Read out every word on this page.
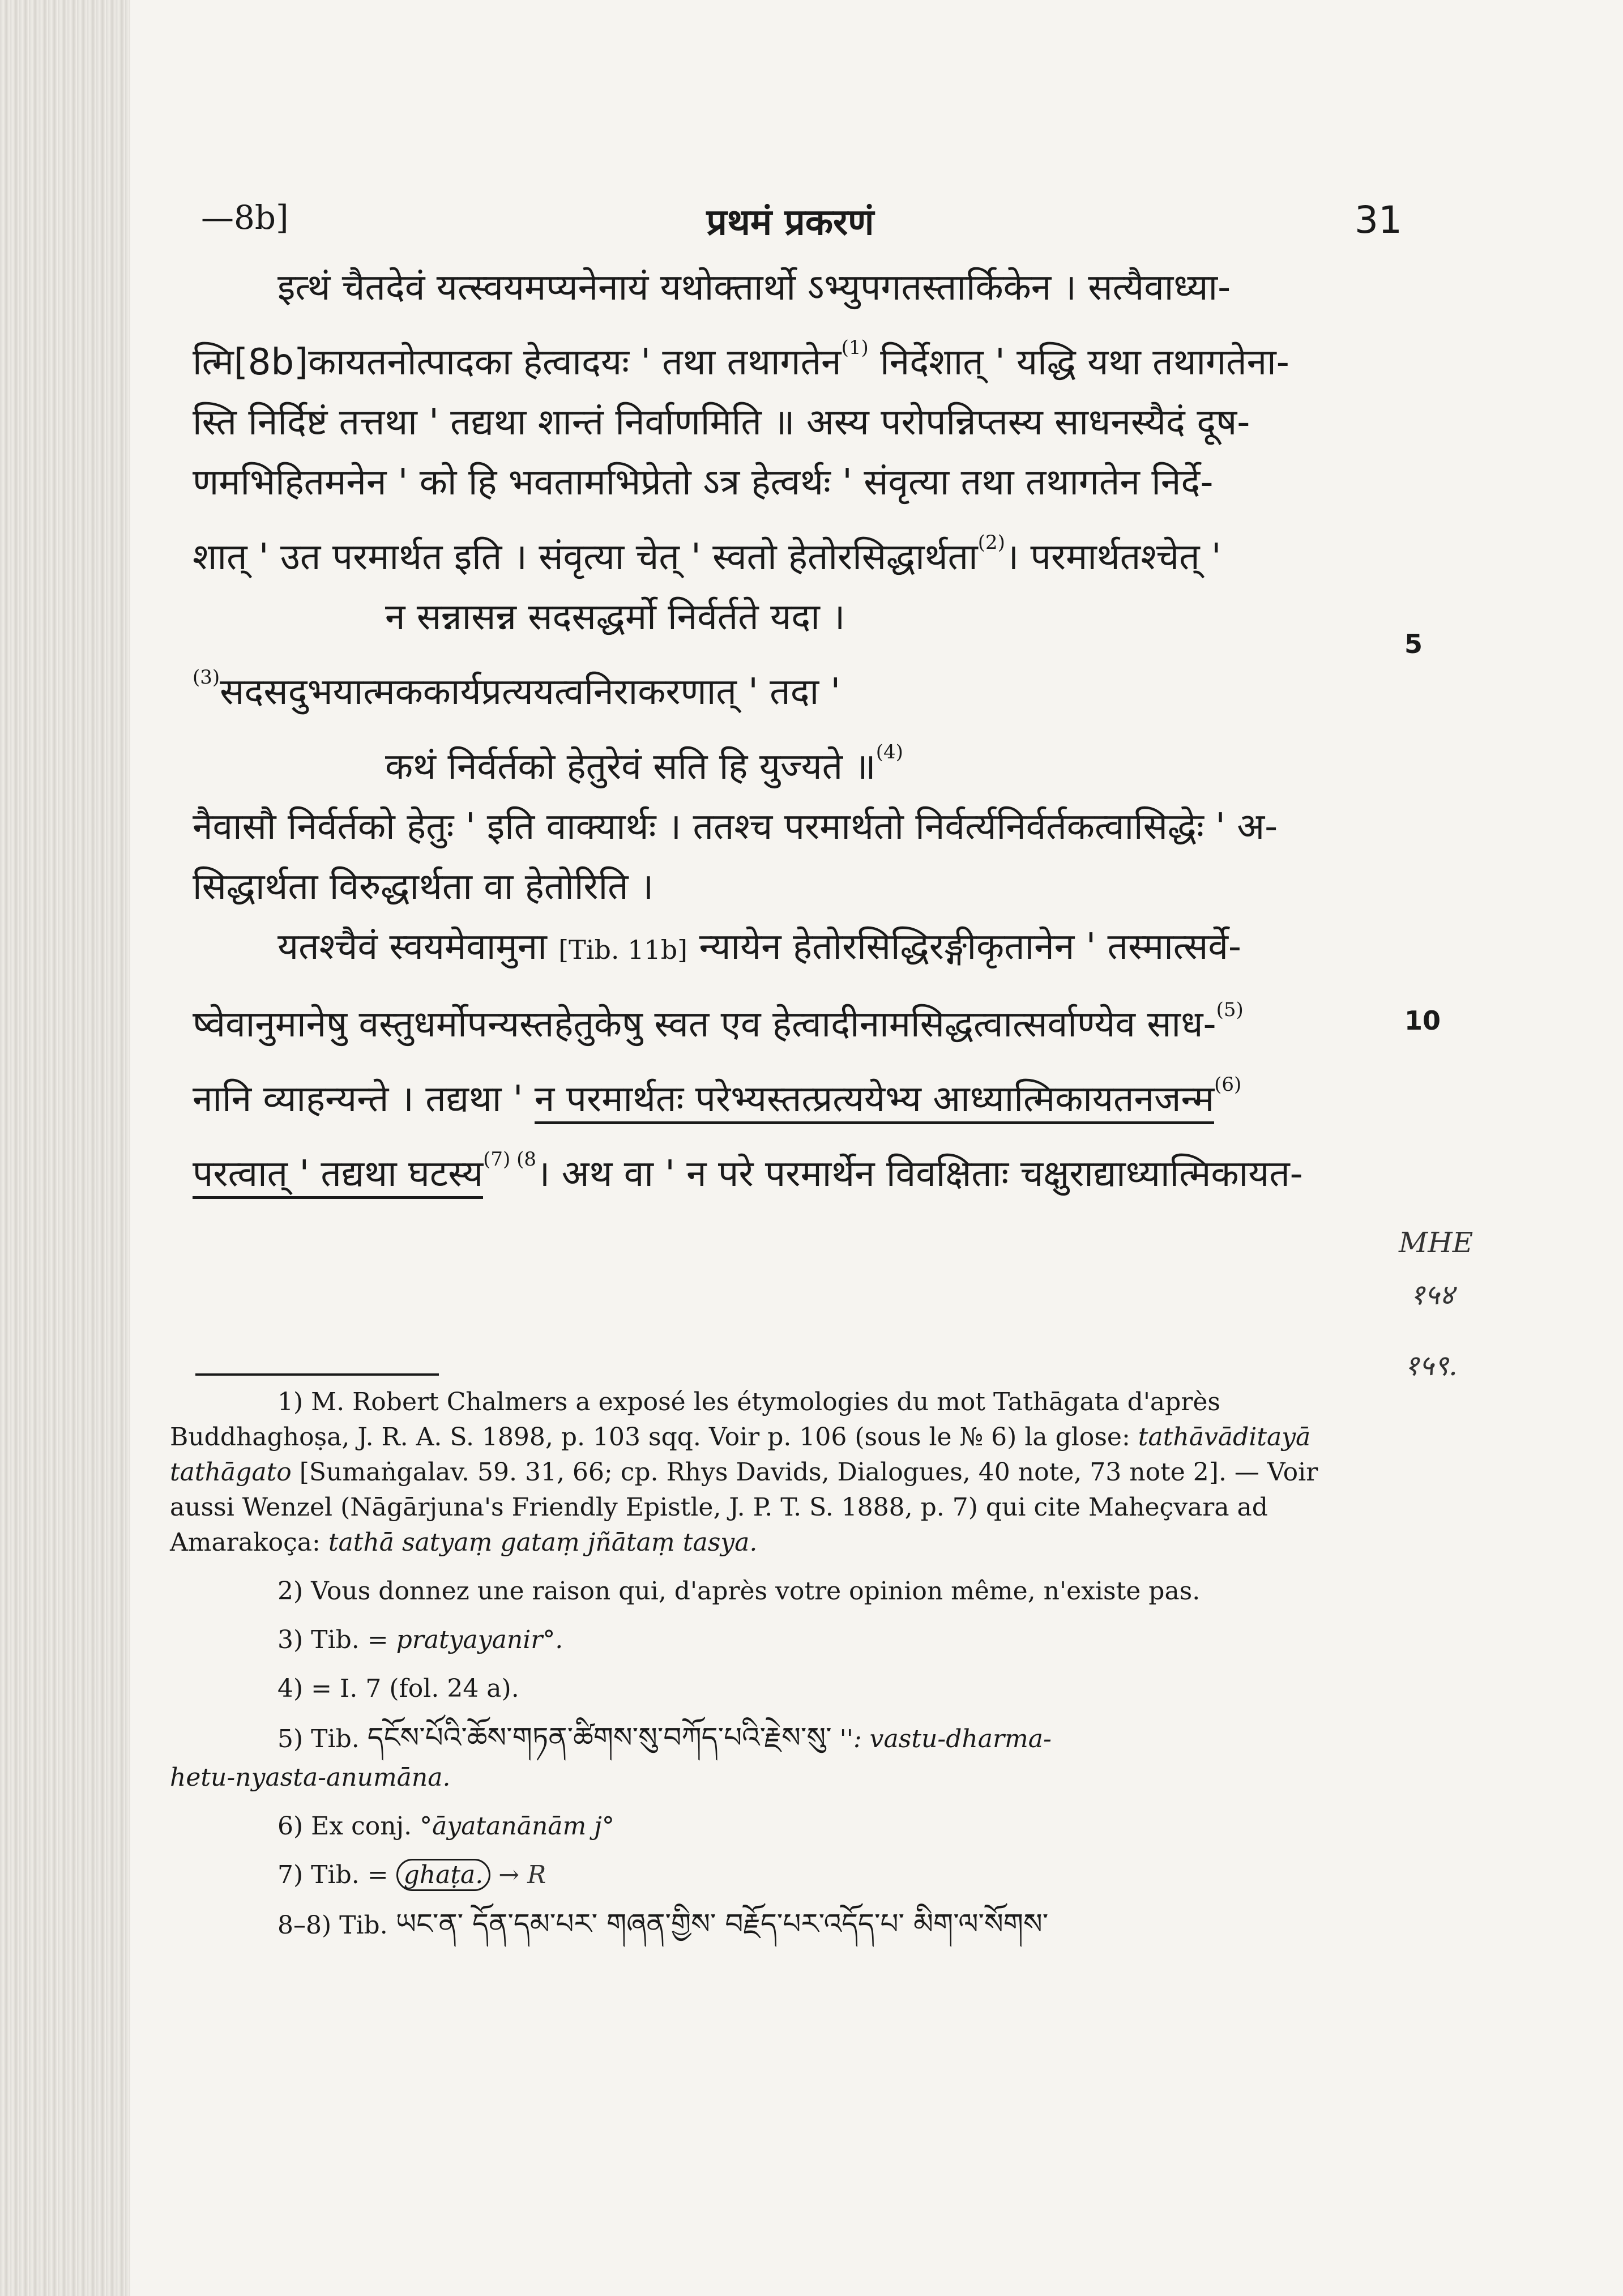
—8b]	प्रथमं प्रकरणं	31
इत्थं चैतदेवं यत्स्वयमप्यनेनायं यथोक्तार्थो ऽभ्युपगतस्तार्किकेन । सत्यैवाध्या-
त्मि[8b]कायतनोत्पादका हेत्वादयः ' तथा तथागतेन$^{(1)}$ निर्देशात् ' यद्धि यथा तथागतेना-
स्ति निर्दिष्टं तत्तथा ' तद्यथा शान्तं निर्वाणमिति ॥ अस्य परोपन्निप्तस्य साधनस्यैदं दूष-
णमभिहितमनेन ' को हि भवतामभिप्रेतो ऽत्र हेत्वर्थः ' संवृत्या तथा तथागतेन निर्दे-
शात् ' उत परमार्थत इति । संवृत्या चेत् ' स्वतो हेतोरसिद्धार्थता$^{(2)}$। परमार्थतश्चेत् '
न सन्नासन्न सदसद्धर्मो निर्वर्तते यदा ।
$^{(3)}$सदसदुभयात्मककार्यप्रत्ययत्वनिराकरणात् ' तदा '
कथं निर्वर्तको हेतुरेवं सति हि युज्यते ॥$^{(4)}$
नैवासौ निर्वर्तको हेतुः ' इति वाक्यार्थः । ततश्च परमार्थतो निर्वर्त्यनिर्वर्तकत्वासिद्धेः ' अ-
सिद्धार्थता विरुद्धार्थता वा हेतोरिति ।
यतश्चैवं स्वयमेवामुना [Tib. 11b] न्यायेन हेतोरसिद्धिरङ्गीकृतानेन ' तस्मात्सर्वे-
ष्वेवानुमानेषु वस्तुधर्मोपन्यस्तहेतुकेषु स्वत एव हेत्वादीनामसिद्धत्वात्सर्वाण्येव साध-$^{(5)}$
नानि व्याहन्यन्ते । तद्यथा ' न परमार्थतः परेभ्यस्तत्प्रत्ययेभ्य आध्यात्मिकायतनजन्म$^{(6)}$
परत्वात् ' तद्यथा घटस्य$^{(7) (8}$। अथ वा ' न परे परमार्थेन विवक्षिताः चक्षुराद्याध्यात्मिकायत-
5
10
MHE
१५४
१५९.
1) M. Robert Chalmers a exposé les étymologies du mot Tathāgata d'après Buddhaghoṣa, J. R. A. S. 1898, p. 103 sqq. Voir p. 106 (sous le № 6) la glose: tathāvāditayā tathāgato [Sumaṅgalav. 59. 31, 66; cp. Rhys Davids, Dialogues, 40 note, 73 note 2]. — Voir aussi Wenzel (Nāgārjuna's Friendly Epistle, J. P. T. S. 1888, p. 7) qui cite Maheçvara ad Amarakoça: tathā satyaṃ gataṃ jñātaṃ tasya.
2) Vous donnez une raison qui, d'après votre opinion même, n'existe pas.
3) Tib. = pratyayanir°.
4) = I. 7 (fol. 24 a).
5) Tib. དངོས་པོའི་ཆོས་གཏན་ཚིགས་སུ་བཀོད་པའི་རྗེས་སུ་ '': vastu-dharma-
hetu-nyasta-anumāna.
6) Ex conj. °āyatanānām j°
7) Tib. = ghaṭa. → R
8–8) Tib. ཡང་ན་ དོན་དམ་པར་ གཞན་གྱིས་ བརྗོད་པར་འདོད་པ་ མིག་ལ་སོགས་
